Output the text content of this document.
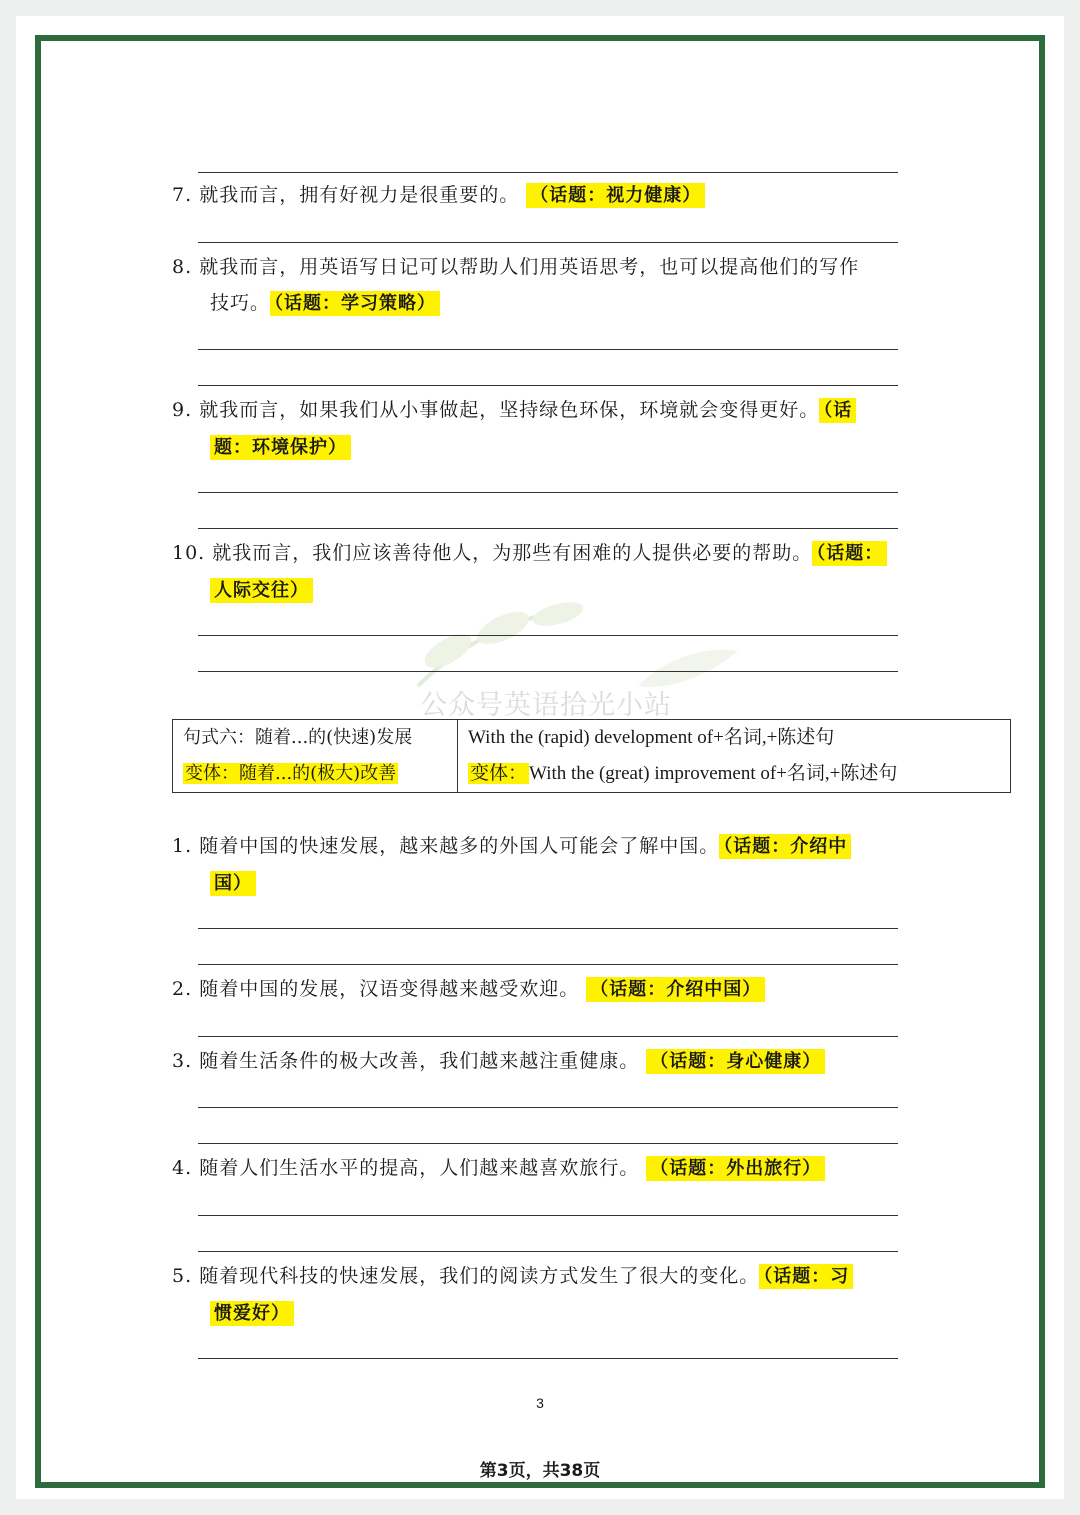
公众号英语拾光小站
7. 就我而言，拥有好视力是很重要的。 （话题：视力健康）
8. 就我而言，用英语写日记可以帮助人们用英语思考，也可以提高他们的写作
技巧。 （话题：学习策略）
9. 就我而言，如果我们从小事做起，坚持绿色环保，环境就会变得更好。 （话
题：环境保护）
10. 就我而言，我们应该善待他人，为那些有困难的人提供必要的帮助。 （话题：
人际交往）
句式六：随着...的(快速)发展
变体：随着...的(极大)改善
With the (rapid) development of+名词,+陈述句
变体： With the (great) improvement of+名词,+陈述句
1. 随着中国的快速发展，越来越多的外国人可能会了解中国。 （话题：介绍中
国）
2. 随着中国的发展，汉语变得越来越受欢迎。 （话题：介绍中国）
3. 随着生活条件的极大改善，我们越来越注重健康。 （话题：身心健康）
4. 随着人们生活水平的提高，人们越来越喜欢旅行。 （话题：外出旅行）
5. 随着现代科技的快速发展，我们的阅读方式发生了很大的变化。 （话题：习
惯爱好）
3
第3页，共38页
